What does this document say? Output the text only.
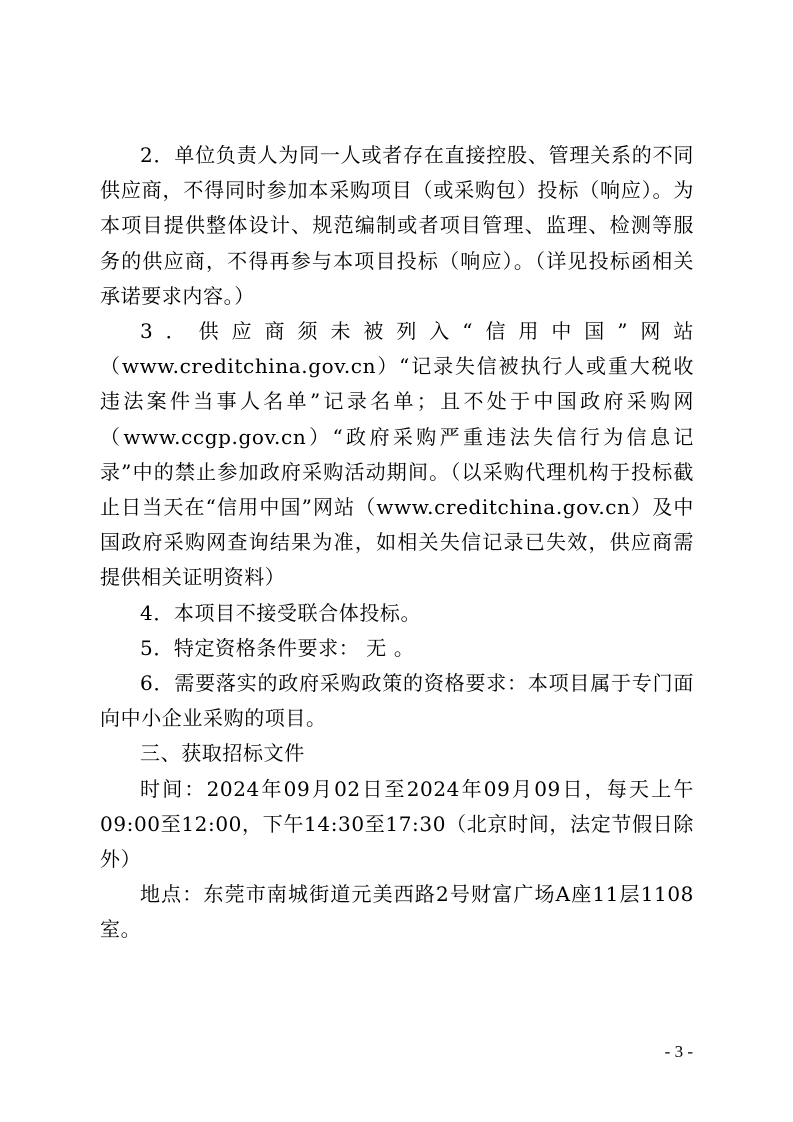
2．单位负责人为同一人或者存在直接控股、管理关系的不同供应商，不得同时参加本采购项目（或采购包）投标（响应）。为本项目提供整体设计、规范编制或者项目管理、监理、检测等服务的供应商，不得再参与本项目投标（响应）。（详见投标函相关承诺要求内容。）

3．供应商须未被列入“信用中国”网站（www.creditchina.gov.cn）“记录失信被执行人或重大税收违法案件当事人名单”记录名单；且不处于中国政府采购网（www.ccgp.gov.cn）“政府采购严重违法失信行为信息记录”中的禁止参加政府采购活动期间。（以采购代理机构于投标截止日当天在“信用中国”网站（www.creditchina.gov.cn）及中国政府采购网查询结果为准，如相关失信记录已失效，供应商需提供相关证明资料）

4．本项目不接受联合体投标。

5．特定资格条件要求： 无 。

6．需要落实的政府采购政策的资格要求：本项目属于专门面向中小企业采购的项目。

三、获取招标文件

时间：2024年09月02日至2024年09月09日，每天上午09:00至12:00，下午14:30至17:30（北京时间，法定节假日除外）

地点：东莞市南城街道元美西路2号财富广场A座11层1108室。

- 3 -
